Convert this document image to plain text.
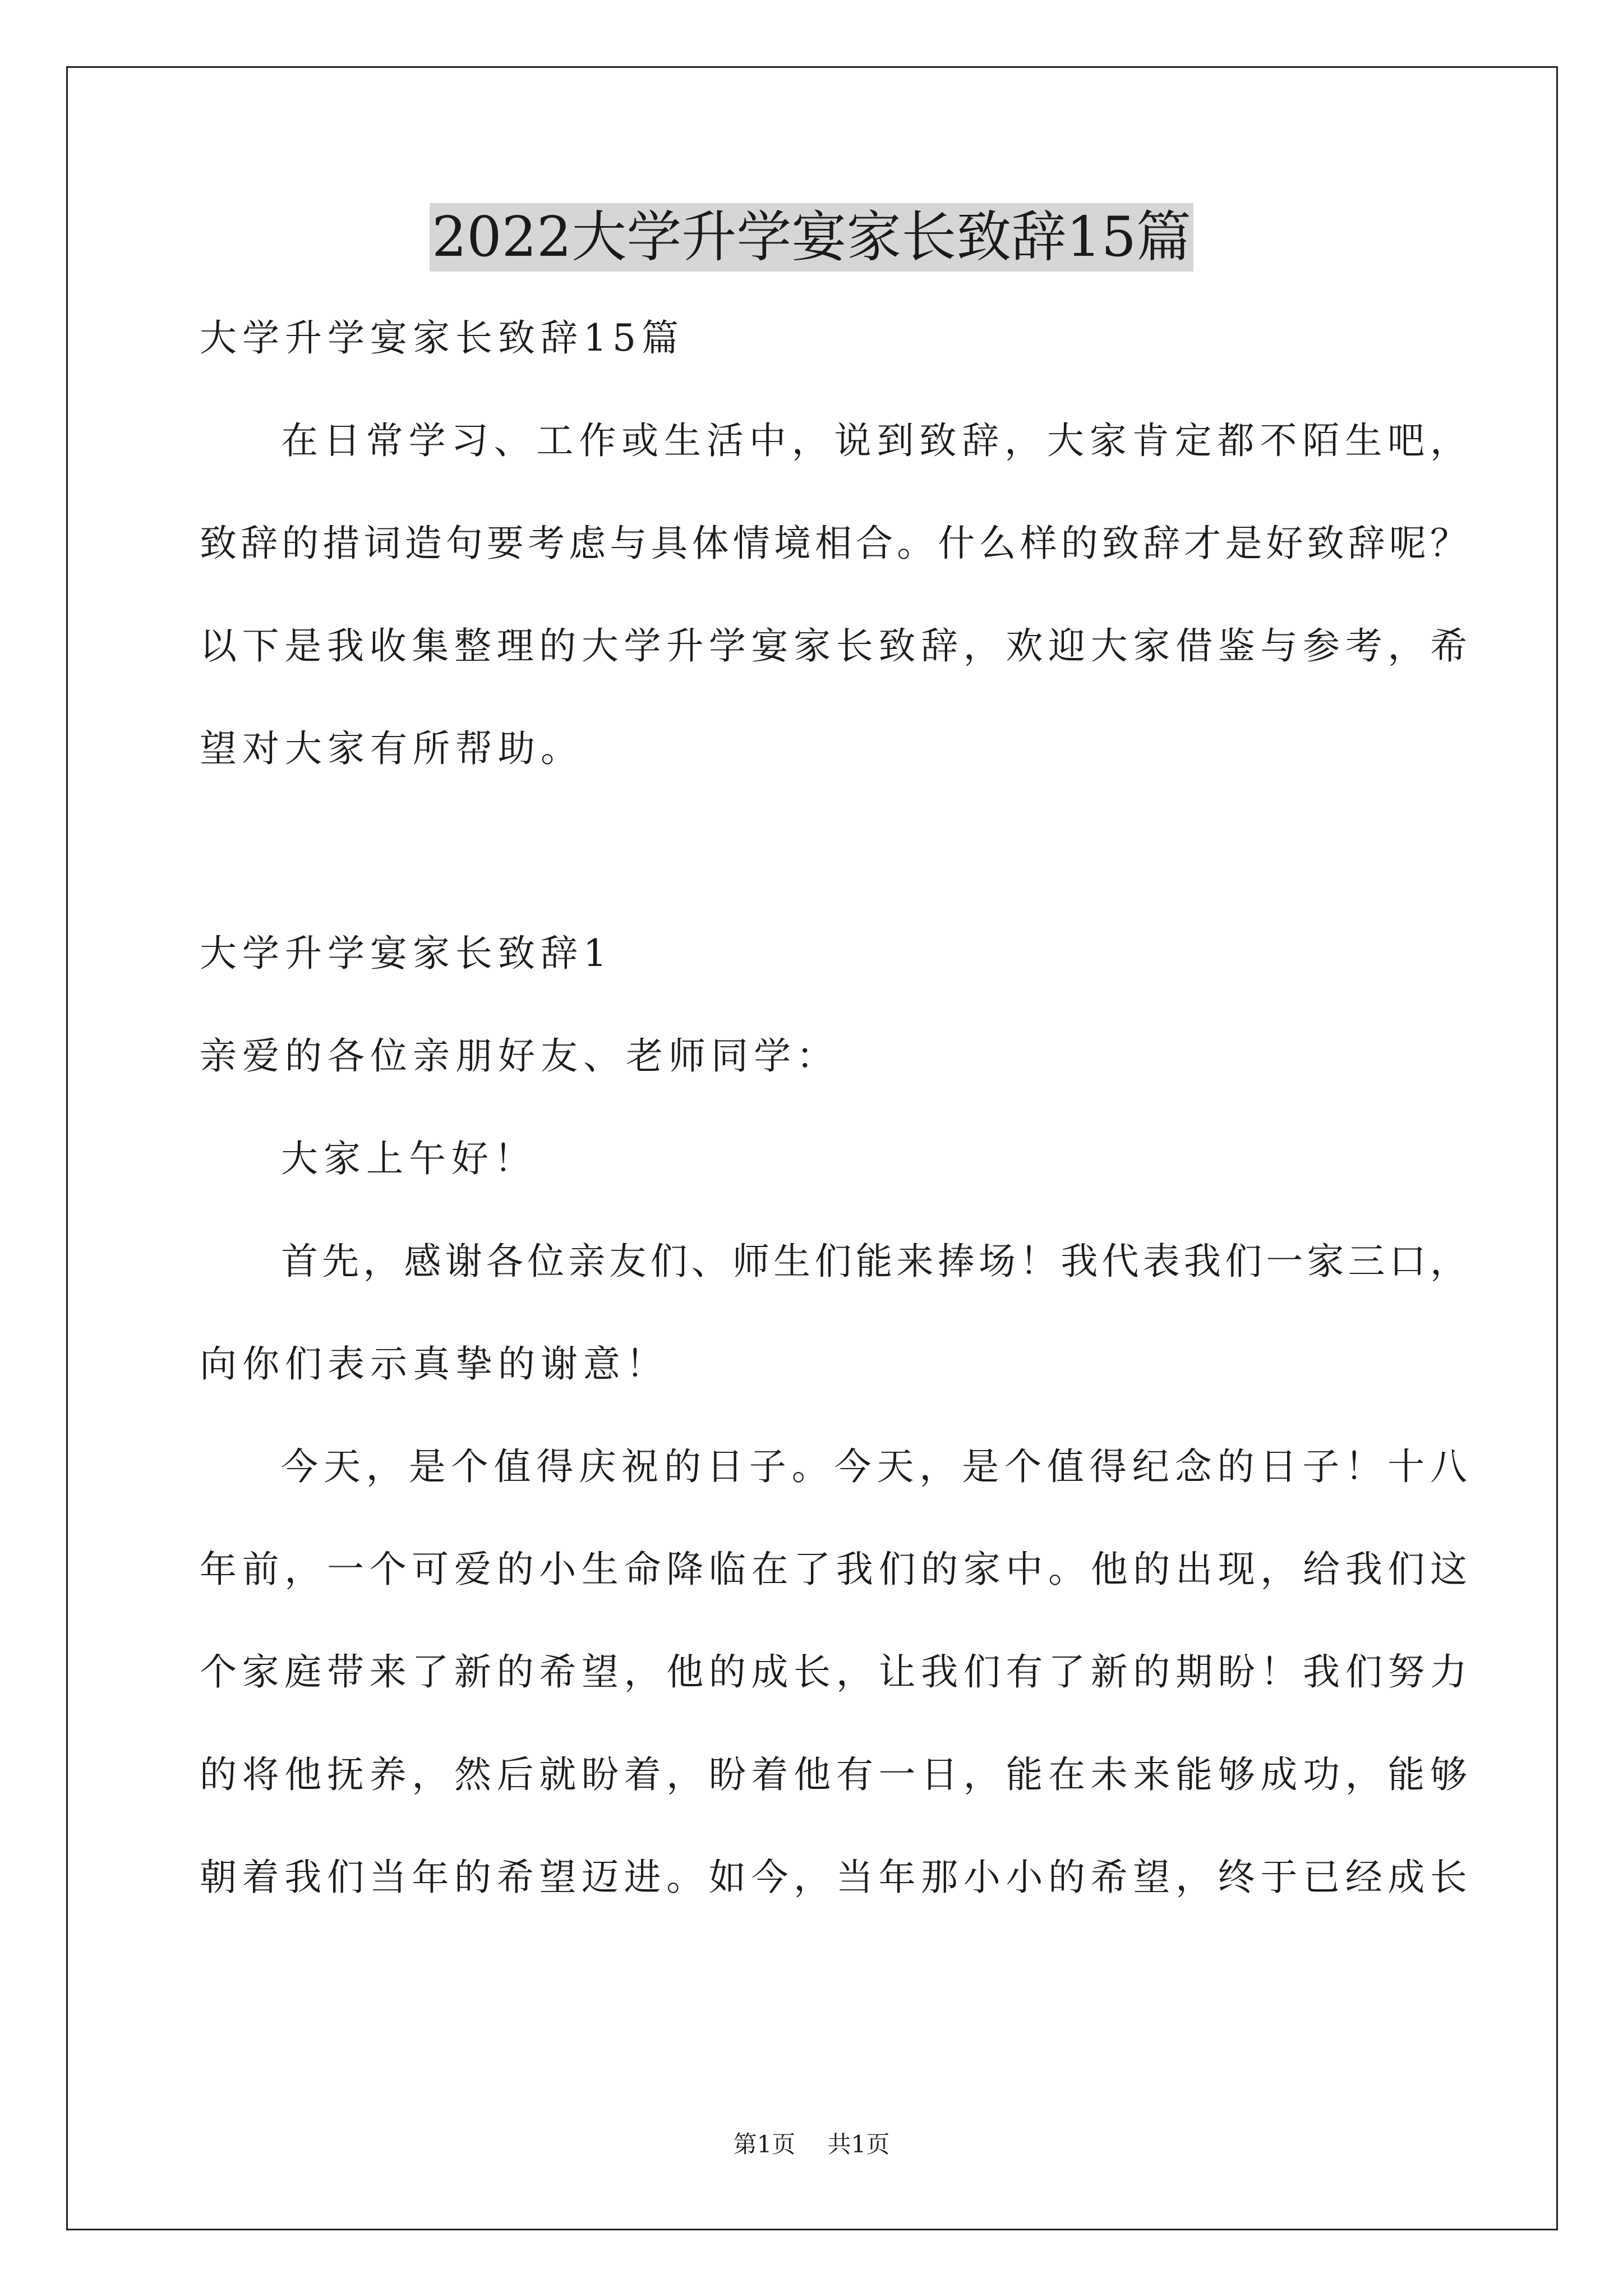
2022大学升学宴家长致辞15篇
大学升学宴家长致辞15篇
在日常学习、工作或生活中，说到致辞，大家肯定都不陌生吧，
致辞的措词造句要考虑与具体情境相合。什么样的致辞才是好致辞呢？
以下是我收集整理的大学升学宴家长致辞，欢迎大家借鉴与参考，希
望对大家有所帮助。
大学升学宴家长致辞1
亲爱的各位亲朋好友、老师同学：
大家上午好！
首先，感谢各位亲友们、师生们能来捧场！我代表我们一家三口，
向你们表示真挚的谢意！
今天，是个值得庆祝的日子。今天，是个值得纪念的日子！十八
年前，一个可爱的小生命降临在了我们的家中。他的出现，给我们这
个家庭带来了新的希望，他的成长，让我们有了新的期盼！我们努力
的将他抚养，然后就盼着，盼着他有一日，能在未来能够成功，能够
朝着我们当年的希望迈进。如今，当年那小小的希望，终于已经成长
第1页 共1页
